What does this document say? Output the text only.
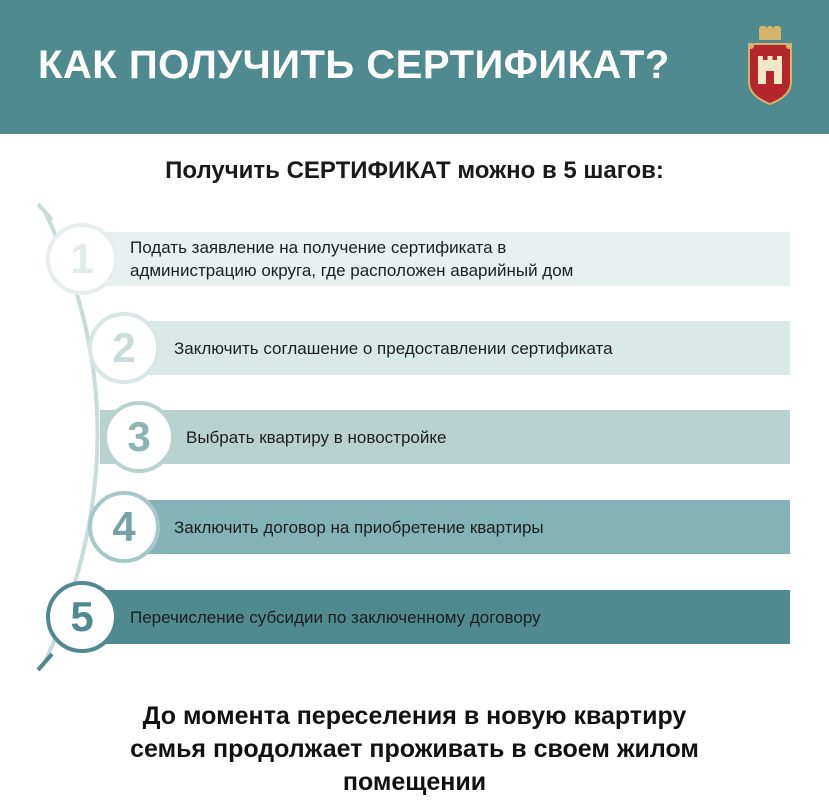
КАК ПОЛУЧИТЬ СЕРТИФИКАТ?
Получить СЕРТИФИКАТ можно в 5 шагов:
Подать заявление на получение сертификата в
администрацию округа, где расположен аварийный дом
1
Заключить соглашение о предоставлении сертификата
2
Выбрать квартиру в новостройке
3
Заключить договор на приобретение квартиры
4
Перечисление субсидии по заключенному договору
5
До момента переселения в новую квартиру
семья продолжает проживать в своем жилом
помещении
